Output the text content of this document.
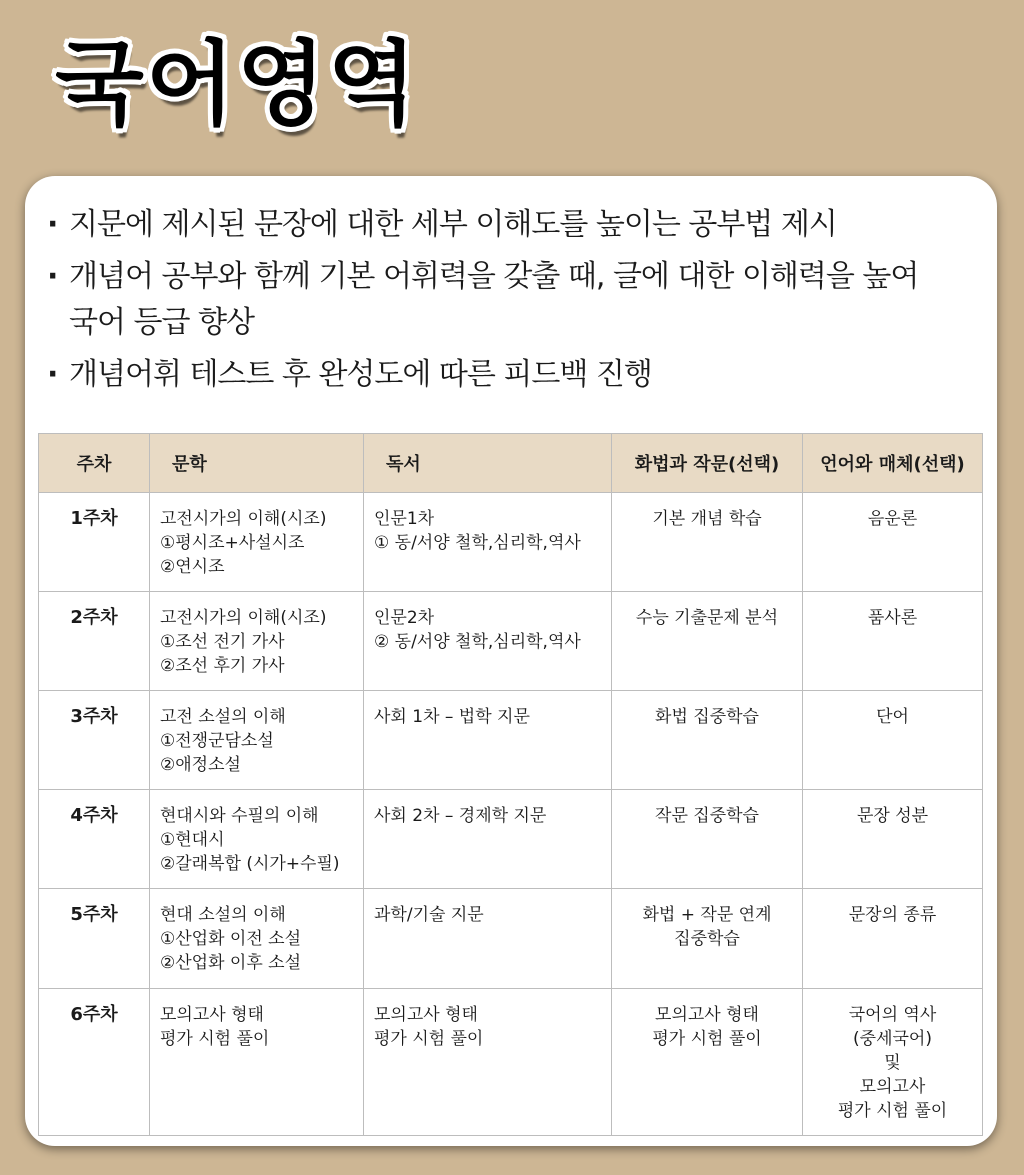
국어영역
· 지문에 제시된 문장에 대한 세부 이해도를 높이는 공부법 제시
· 개념어 공부와 함께 기본 어휘력을 갖출 때, 글에 대한 이해력을 높여
국어 등급 향상
· 개념어휘 테스트 후 완성도에 따른 피드백 진행
주차	문학	독서	화법과 작문(선택)	언어와 매체(선택)
1주차	고전시가의 이해(시조)
①평시조+사설시조
②연시조	인문1차
① 동/서양 철학,심리학,역사	기본 개념 학습	음운론

2주차	고전시가의 이해(시조)
①조선 전기 가사
②조선 후기 가사	인문2차
② 동/서양 철학,심리학,역사	수능 기출문제 분석	품사론

3주차	고전 소설의 이해
①전쟁군담소설
②애정소설	사회 1차 – 법학 지문	화법 집중학습	단어

4주차	현대시와 수필의 이해
①현대시
②갈래복합 (시가+수필)	사회 2차 – 경제학 지문	작문 집중학습	문장 성분

5주차	현대 소설의 이해
①산업화 이전 소설
②산업화 이후 소설	과학/기술 지문	화법 + 작문 연계
집중학습	문장의 종류

6주차	모의고사 형태
평가 시험 풀이	모의고사 형태
평가 시험 풀이	모의고사 형태
평가 시험 풀이	국어의 역사
(중세국어)
및
모의고사
평가 시험 풀이
